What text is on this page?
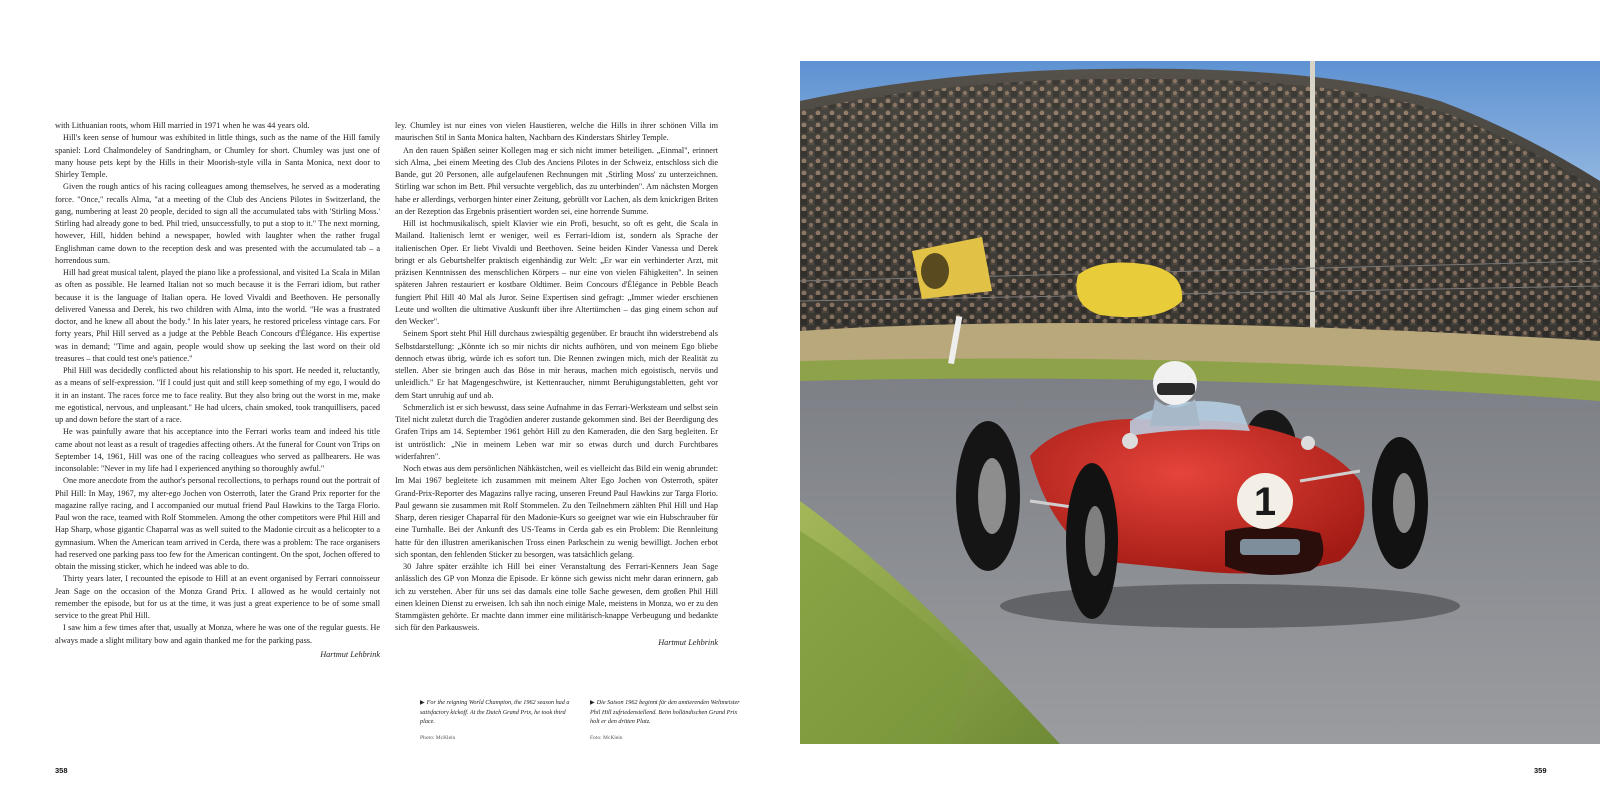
with Lithuanian roots, whom Hill married in 1971 when he was 44 years old.

Hill's keen sense of humour was exhibited in little things, such as the name of the Hill family spaniel: Lord Chalmondeley of Sandringham, or Chumley for short. Chumley was just one of many house pets kept by the Hills in their Moorish-style villa in Santa Monica, next door to Shirley Temple.

Given the rough antics of his racing colleagues among themselves, he served as a moderating force. "Once," recalls Alma, "at a meeting of the Club des Anciens Pilotes in Switzerland, the gang, numbering at least 20 people, decided to sign all the accumulated tabs with 'Stirling Moss.' Stirling had already gone to bed. Phil tried, unsuccessfully, to put a stop to it." The next morning, however, Hill, hidden behind a newspaper, howled with laughter when the rather frugal Englishman came down to the reception desk and was presented with the accumulated tab – a horrendous sum.

Hill had great musical talent, played the piano like a professional, and visited La Scala in Milan as often as possible. He learned Italian not so much because it is the Ferrari idiom, but rather because it is the language of Italian opera. He loved Vivaldi and Beethoven. He personally delivered Vanessa and Derek, his two children with Alma, into the world. "He was a frustrated doctor, and he knew all about the body." In his later years, he restored priceless vintage cars. For forty years, Phil Hill served as a judge at the Pebble Beach Concours d'Élégance. His expertise was in demand; "Time and again, people would show up seeking the last word on their old treasures – that could test one's patience."

Phil Hill was decidedly conflicted about his relationship to his sport. He needed it, reluctantly, as a means of self-expression. "If I could just quit and still keep something of my ego, I would do it in an instant. The races force me to face reality. But they also bring out the worst in me, make me egotistical, nervous, and unpleasant." He had ulcers, chain smoked, took tranquillisers, paced up and down before the start of a race.

He was painfully aware that his acceptance into the Ferrari works team and indeed his title came about not least as a result of tragedies affecting others. At the funeral for Count von Trips on September 14, 1961, Hill was one of the racing colleagues who served as pallbearers. He was inconsolable: "Never in my life had I experienced anything so thoroughly awful."

One more anecdote from the author's personal recollections, to perhaps round out the portrait of Phil Hill: In May, 1967, my alter-ego Jochen von Osterroth, later the Grand Prix reporter for the magazine rallye racing, and I accompanied our mutual friend Paul Hawkins to the Targa Florio. Paul won the race, teamed with Rolf Stommelen. Among the other competitors were Phil Hill and Hap Sharp, whose gigantic Chaparral was as well suited to the Madonie circuit as a helicopter to a gymnasium. When the American team arrived in Cerda, there was a problem: The race organisers had reserved one parking pass too few for the American contingent. On the spot, Jochen offered to obtain the missing sticker, which he indeed was able to do.

Thirty years later, I recounted the episode to Hill at an event organised by Ferrari connoisseur Jean Sage on the occasion of the Monza Grand Prix. I allowed as he would certainly not remember the episode, but for us at the time, it was just a great experience to be of some small service to the great Phil Hill.

I saw him a few times after that, usually at Monza, where he was one of the regular guests. He always made a slight military bow and again thanked me for the parking pass.

Hartmut Lehbrink

ley. Chumley ist nur eines von vielen Haustieren, welche die Hills in ihrer schönen Villa im maurischen Stil in Santa Monica halten, Nachbarn des Kinderstars Shirley Temple.

An den rauen Späßen seiner Kollegen mag er sich nicht immer beteiligen. „Einmal", erinnert sich Alma, „bei einem Meeting des Club des Anciens Pilotes in der Schweiz, entschloss sich die Bande, gut 20 Personen, alle aufgelaufenen Rechnungen mit ‚Stirling Moss' zu unterzeichnen. Stirling war schon im Bett. Phil versuchte vergeblich, das zu unterbinden". Am nächsten Morgen habe er allerdings, verborgen hinter einer Zeitung, gebrüllt vor Lachen, als dem knickrigen Briten an der Rezeption das Ergebnis präsentiert worden sei, eine horrende Summe.

Hill ist hochmusikalisch, spielt Klavier wie ein Profi, besucht, so oft es geht, die Scala in Mailand. Italienisch lernt er weniger, weil es Ferrari-Idiom ist, sondern als Sprache der italienischen Oper. Er liebt Vivaldi und Beethoven. Seine beiden Kinder Vanessa und Derek bringt er als Geburtshelfer praktisch eigenhändig zur Welt: „Er war ein verhinderter Arzt, mit präzisen Kenntnissen des menschlichen Körpers – nur eine von vielen Fähigkeiten". In seinen späteren Jahren restauriert er kostbare Oldtimer. Beim Concours d'Élégance in Pebble Beach fungiert Phil Hill 40 Mal als Juror. Seine Expertisen sind gefragt: „Immer wieder erschienen Leute und wollten die ultimative Auskunft über ihre Altertümchen – das ging einem schon auf den Wecker".

Seinem Sport steht Phil Hill durchaus zwiespältig gegenüber. Er braucht ihn widerstrebend als Selbstdarstellung: „Könnte ich so mir nichts dir nichts aufhören, und von meinem Ego bliebe dennoch etwas übrig, würde ich es sofort tun. Die Rennen zwingen mich, mich der Realität zu stellen. Aber sie bringen auch das Böse in mir heraus, machen mich egoistisch, nervös und unleidlich." Er hat Magengeschwüre, ist Kettenraucher, nimmt Beruhigungstabletten, geht vor dem Start unruhig auf und ab.

Schmerzlich ist er sich bewusst, dass seine Aufnahme in das Ferrari-Werksteam und selbst sein Titel nicht zuletzt durch die Tragödien anderer zustande gekommen sind. Bei der Beerdigung des Grafen Trips am 14. September 1961 gehört Hill zu den Kameraden, die den Sarg begleiten. Er ist untröstlich: „Nie in meinem Leben war mir so etwas durch und durch Furchtbares widerfahren".

Noch etwas aus dem persönlichen Nähkästchen, weil es vielleicht das Bild ein wenig abrundet: Im Mai 1967 begleitete ich zusammen mit meinem Alter Ego Jochen von Osterroth, später Grand-Prix-Reporter des Magazins rallye racing, unseren Freund Paul Hawkins zur Targa Florio. Paul gewann sie zusammen mit Rolf Stommelen. Zu den Teilnehmern zählten Phil Hill und Hap Sharp, deren riesiger Chaparral für den Madonie-Kurs so geeignet war wie ein Hubschrauber für eine Turnhalle. Bei der Ankunft des US-Teams in Cerda gab es ein Problem: Die Rennleitung hatte für den illustren amerikanischen Tross einen Parkschein zu wenig bewilligt. Jochen erbot sich spontan, den fehlenden Sticker zu besorgen, was tatsächlich gelang.

30 Jahre später erzählte ich Hill bei einer Veranstaltung des Ferrari-Kenners Jean Sage anlässlich des GP von Monza die Episode. Er könne sich gewiss nicht mehr daran erinnern, gab ich zu verstehen. Aber für uns sei das damals eine tolle Sache gewesen, dem großen Phil Hill einen kleinen Dienst zu erweisen. Ich sah ihn noch einige Male, meistens in Monza, wo er zu den Stammgästen gehörte. Er machte dann immer eine militärisch-knappe Verbeugung und bedankte sich für den Parkausweis.

Hartmut Lehbrink
▶ For the reigning World Champion, the 1962 season had a satisfactory kickoff. At the Dutch Grand Prix, he took third place.
Photo: McKlein
▶ Die Saison 1962 beginnt für den amtierenden Weltmeister Phil Hill zufriedenstellend. Beim holländischen Grand Prix holt er den dritten Platz.
Foto: McKlein
358
1
359
